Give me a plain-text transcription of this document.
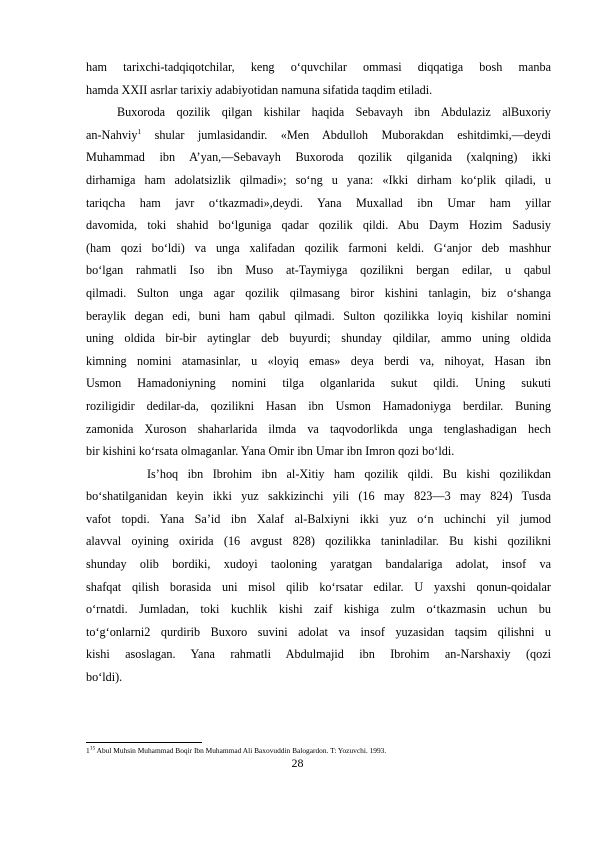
ham tarixchi-tadqiqotchilar, keng o‘quvchilar ommasi diqqatiga bosh manba
hamda XXII asrlar tarixiy adabiyotidan namuna sifatida taqdim etiladi.

Buxoroda qozilik qilgan kishilar haqida Sebavayh ibn Abdulaziz alBuxoriy
an-Nahviy$^1$ shular jumlasidandir. «Men Abdulloh Muborakdan eshitdimki,—deydi
Muhammad ibn A’yan,—Sebavayh Buxoroda qozilik qilganida (xalqning) ikki
dirhamiga ham adolatsizlik qilmadi»; so‘ng u yana: «Ikki dirham ko‘plik qiladi, u
tariqcha ham javr o‘tkazmadi»,deydi. Yana Muxallad ibn Umar ham yillar
davomida, toki shahid bo‘lguniga qadar qozilik qildi. Abu Daym Hozim Sadusiy
(ham qozi bo‘ldi) va unga xalifadan qozilik farmoni keldi. G‘anjor deb mashhur
bo‘lgan rahmatli Iso ibn Muso at-Taymiyga qozilikni bergan edilar, u qabul
qilmadi. Sulton unga agar qozilik qilmasang biror kishini tanlagin, biz o‘shanga
beraylik degan edi, buni ham qabul qilmadi. Sulton qozilikka loyiq kishilar nomini
uning oldida bir-bir aytinglar deb buyurdi; shunday qildilar, ammo uning oldida
kimning nomini atamasinlar, u «loyiq emas» deya berdi va, nihoyat, Hasan ibn
Usmon Hamadoniyning nomini tilga olganlarida sukut qildi. Uning sukuti
roziligidir dedilar-da, qozilikni Hasan ibn Usmon Hamadoniyga berdilar. Buning
zamonida Xuroson shaharlarida ilmda va taqvodorlikda unga tenglashadigan hech
bir kishini ko‘rsata olmaganlar. Yana Omir ibn Umar ibn Imron qozi bo‘ldi.

Is’hoq ibn Ibrohim ibn al-Xitiy ham qozilik qildi. Bu kishi qozilikdan
bo‘shatilganidan keyin ikki yuz sakkizinchi yili (16 may 823—3 may 824) Tusda
vafot topdi. Yana Sa’id ibn Xalaf al-Balxiyni ikki yuz o‘n uchinchi yil jumod
alavval oyining oxirida (16 avgust 828) qozilikka taninladilar. Bu kishi qozilikni
shunday olib bordiki, xudoyi taoloning yaratgan bandalariga adolat, insof va
shafqat qilish borasida uni misol qilib ko‘rsatar edilar. U yaxshi qonun-qoidalar
o‘rnatdi. Jumladan, toki kuchlik kishi zaif kishiga zulm o‘tkazmasin uchun bu
to‘g‘onlarni2 qurdirib Buxoro suvini adolat va insof yuzasidan taqsim qilishni u
kishi asoslagan. Yana rahmatli Abdulmajid ibn Ibrohim an-Narshaxiy (qozi
bo‘ldi).

$1^{15}$ Abul Muhsin Muhammad Boqir Ibn Muhammad Ali Baxovuddin Balogardon. T: Yozuvchi. 1993.
28
